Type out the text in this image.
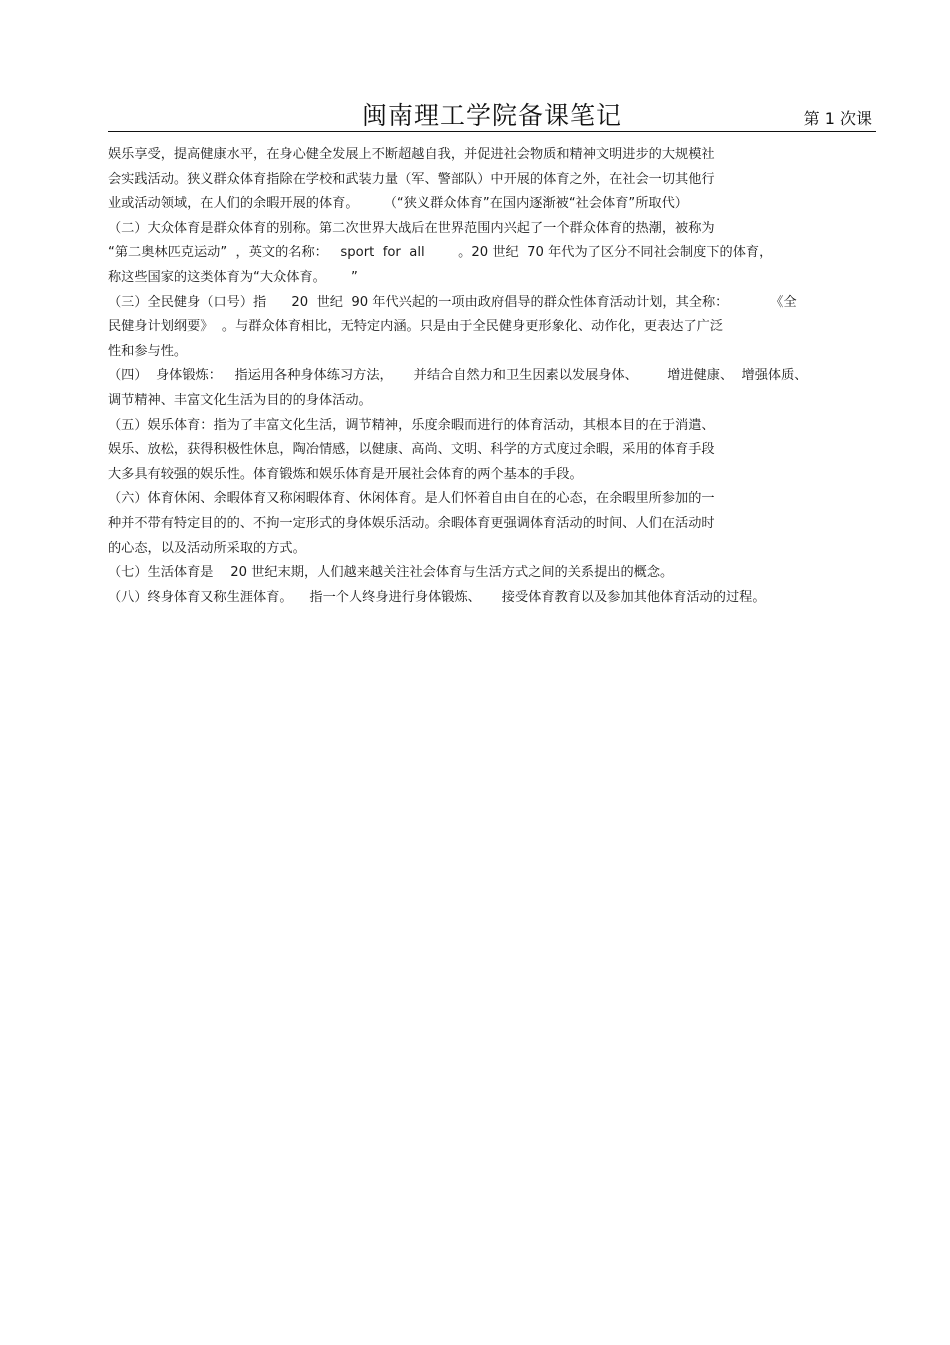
闽南理工学院备课笔记	第 1 次课
娱乐享受，提高健康水平，在身心健全发展上不断超越自我，并促进社会物质和精神文明进步的大规模社
会实践活动。狭义群众体育指除在学校和武装力量（军、警部队）中开展的体育之外，在社会一切其他行
业或活动领域，在人们的余暇开展的体育。      （“狭义群众体育”在国内逐渐被“社会体育”所取代）
（二）大众体育是群众体育的别称。第二次世界大战后在世界范围内兴起了一个群众体育的热潮，被称为
“第二奥林匹克运动”  ，英文的名称：   sport  for  all        。20 世纪  70 年代为了区分不同社会制度下的体育，
称这些国家的这类体育为“大众体育。      ”
（三）全民健身（口号）指      20  世纪  90 年代兴起的一项由政府倡导的群众性体育活动计划，其全称：          《全
民健身计划纲要》  。与群众体育相比，无特定内涵。只是由于全民健身更形象化、动作化，更表达了广泛
性和参与性。
（四）  身体锻炼：   指运用各种身体练习方法，     并结合自然力和卫生因素以发展身体、       增进健康、  增强体质、
调节精神、丰富文化生活为目的的身体活动。
（五）娱乐体育：指为了丰富文化生活，调节精神，乐度余暇而进行的体育活动，其根本目的在于消遣、
娱乐、放松，获得积极性休息，陶冶情感，以健康、高尚、文明、科学的方式度过余暇，采用的体育手段
大多具有较强的娱乐性。体育锻炼和娱乐体育是开展社会体育的两个基本的手段。
（六）体育休闲、余暇体育又称闲暇体育、休闲体育。是人们怀着自由自在的心态，在余暇里所参加的一
种并不带有特定目的的、不拘一定形式的身体娱乐活动。余暇体育更强调体育活动的时间、人们在活动时
的心态，以及活动所采取的方式。
（七）生活体育是    20 世纪末期，人们越来越关注社会体育与生活方式之间的关系提出的概念。
（八）终身体育又称生涯体育。    指一个人终身进行身体锻炼、     接受体育教育以及参加其他体育活动的过程。
